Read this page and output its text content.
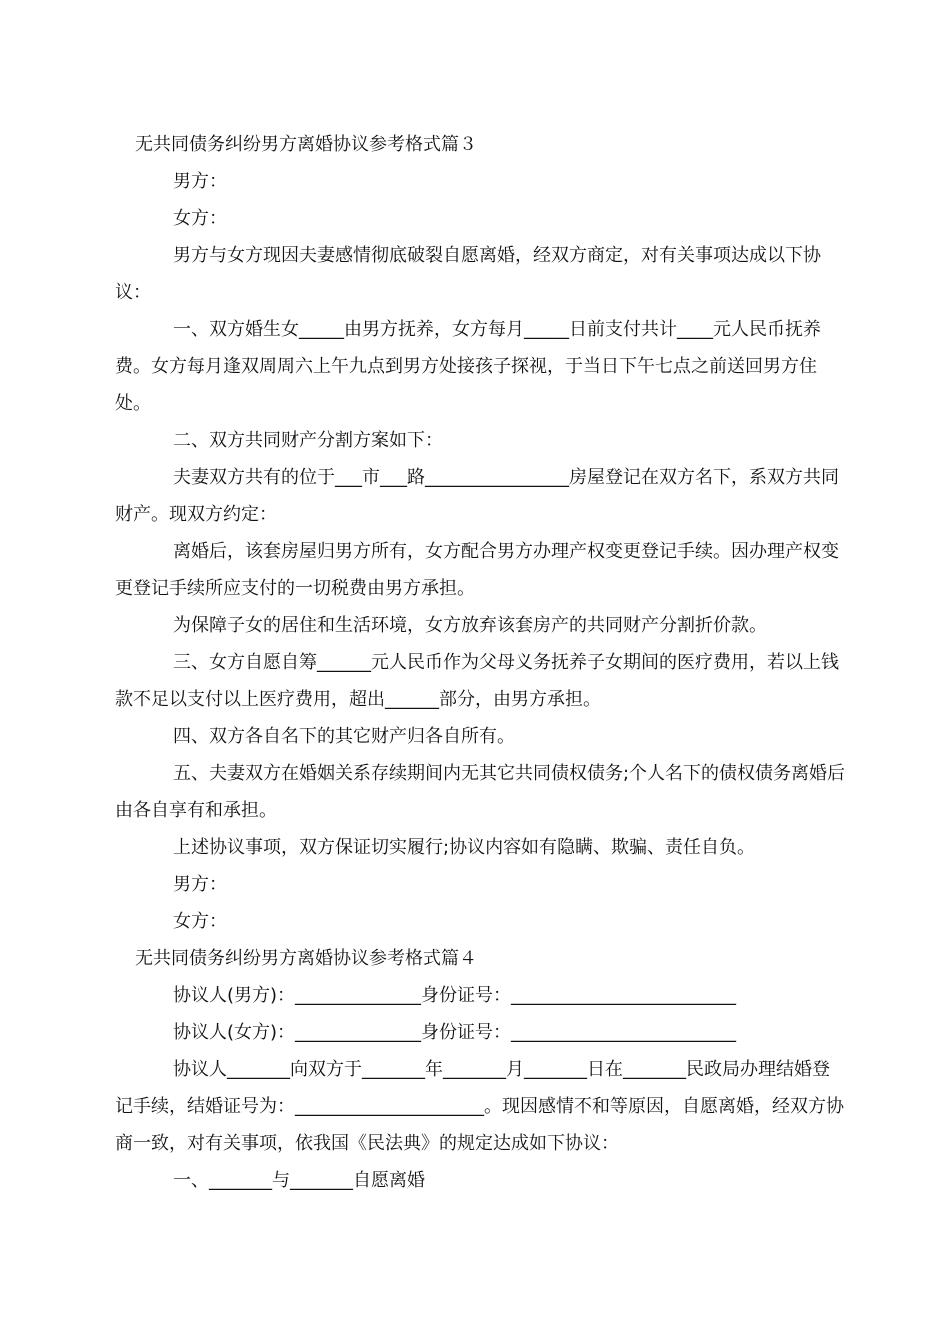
无共同债务纠纷男方离婚协议参考格式篇３

男方：

女方：

男方与女方现因夫妻感情彻底破裂自愿离婚，经双方商定，对有关事项达成以下协议：

一、双方婚生女_____由男方抚养，女方每月_____日前支付共计____元人民币抚养费。女方每月逢双周周六上午九点到男方处接孩子探视，于当日下午七点之前送回男方住处。

二、双方共同财产分割方案如下：

夫妻双方共有的位于___市___路________________房屋登记在双方名下，系双方共同财产。现双方约定：

离婚后，该套房屋归男方所有，女方配合男方办理产权变更登记手续。因办理产权变更登记手续所应支付的一切税费由男方承担。

为保障子女的居住和生活环境，女方放弃该套房产的共同财产分割折价款。

三、女方自愿自筹______元人民币作为父母义务抚养子女期间的医疗费用，若以上钱款不足以支付以上医疗费用，超出______部分，由男方承担。

四、双方各自名下的其它财产归各自所有。

五、夫妻双方在婚姻关系存续期间内无其它共同债权债务;个人名下的债权债务离婚后由各自享有和承担。

上述协议事项，双方保证切实履行;协议内容如有隐瞒、欺骗、责任自负。

男方：

女方：

无共同债务纠纷男方离婚协议参考格式篇４

协议人(男方)：______________身份证号：_________________________

协议人(女方)：______________身份证号：_________________________

协议人_______向双方于_______年_______月_______日在_______民政局办理结婚登记手续，结婚证号为：_____________________。现因感情不和等原因，自愿离婚，经双方协商一致，对有关事项，依我国《民法典》的规定达成如下协议：

一、_______与_______自愿离婚
